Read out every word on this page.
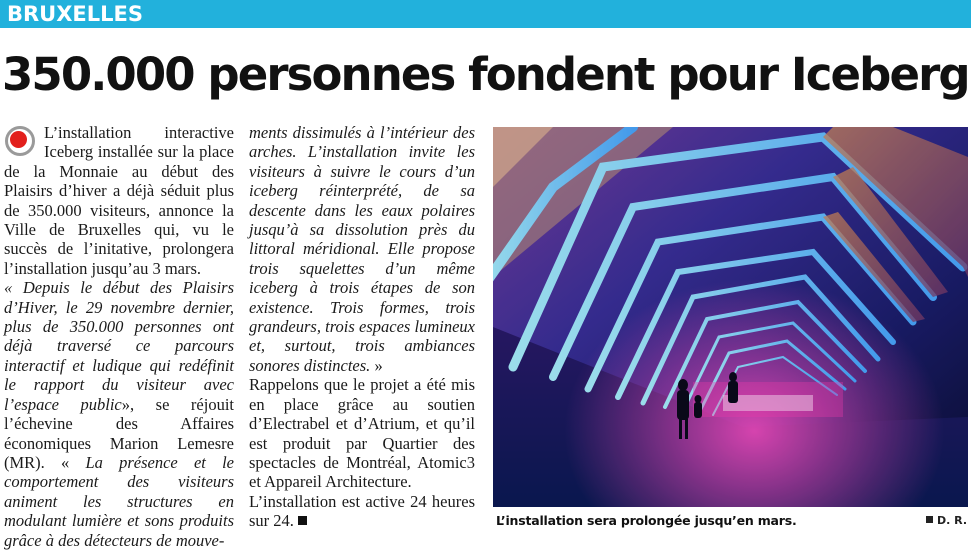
BRUXELLES
350.000 personnes fondent pour Iceberg

L’installation interactive Iceberg installée sur la place de la Monnaie au début des Plaisirs d’hiver a déjà séduit plus de 350.000 visiteurs, annonce la Ville de Bruxelles qui, vu le succès de l’initative, prolongera l’installation jusqu’au 3 mars.

« Depuis le début des Plaisirs d’Hiver, le 29 novembre dernier, plus de 350.000 personnes ont déjà traversé ce parcours interactif et ludique qui redéfinit le rapport du visiteur avec l’espace public», se réjouit l’échevine des Affaires économiques Marion Lemesre (MR). « La présence et le comportement des visiteurs animent les structures en modulant lumière et sons produits grâce à des détecteurs de mouve-

ments dissimulés à l’intérieur des arches. L’installation invite les visiteurs à suivre le cours d’un iceberg réinterprété, de sa descente dans les eaux polaires jusqu’à sa dissolution près du littoral méridional. Elle propose trois squelettes d’un même iceberg à trois étapes de son existence. Trois formes, trois grandeurs, trois espaces lumineux et, surtout, trois ambiances sonores distinctes. »

Rappelons que le projet a été mis en place grâce au soutien d’Electrabel et d’Atrium, et qu’il est produit par Quartier des spectacles de Montréal, Atomic3 et Appareil Architecture.

L’installation est active 24 heures sur 24.	L’installation sera prolongée jusqu’en mars.	D. R.
